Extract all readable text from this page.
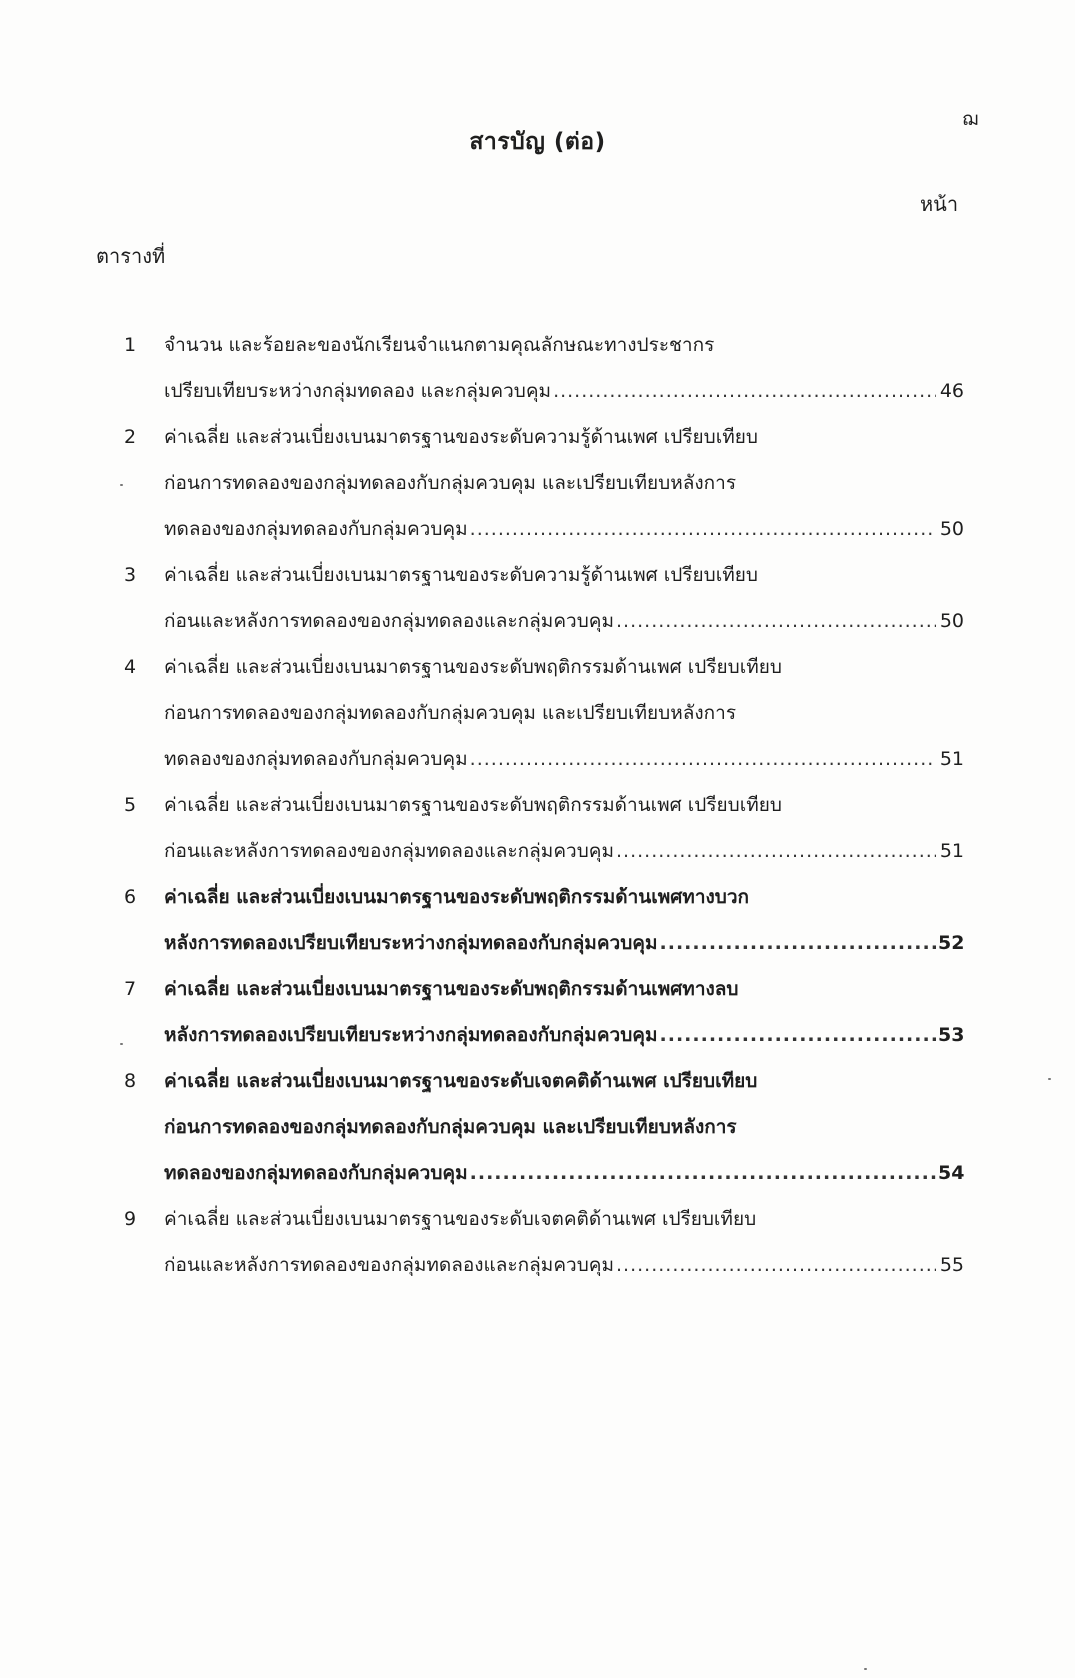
ฌ
สารบัญ (ต่อ)
หน้า
ตารางที่
1	จำนวน และร้อยละของนักเรียนจำแนกตามคุณลักษณะทางประชากร
เปรียบเทียบระหว่างกลุ่มทดลอง และกลุ่มควบคุม .....	46
2	ค่าเฉลี่ย และส่วนเบี่ยงเบนมาตรฐานของระดับความรู้ด้านเพศ เปรียบเทียบ
ก่อนการทดลองของกลุ่มทดลองกับกลุ่มควบคุม และเปรียบเทียบหลังการ
ทดลองของกลุ่มทดลองกับกลุ่มควบคุม .....	50
3	ค่าเฉลี่ย และส่วนเบี่ยงเบนมาตรฐานของระดับความรู้ด้านเพศ เปรียบเทียบ
ก่อนและหลังการทดลองของกลุ่มทดลองและกลุ่มควบคุม .....	50
4	ค่าเฉลี่ย และส่วนเบี่ยงเบนมาตรฐานของระดับพฤติกรรมด้านเพศ เปรียบเทียบ
ก่อนการทดลองของกลุ่มทดลองกับกลุ่มควบคุม และเปรียบเทียบหลังการ
ทดลองของกลุ่มทดลองกับกลุ่มควบคุม .....	51
5	ค่าเฉลี่ย และส่วนเบี่ยงเบนมาตรฐานของระดับพฤติกรรมด้านเพศ เปรียบเทียบ
ก่อนและหลังการทดลองของกลุ่มทดลองและกลุ่มควบคุม .....	51
6	ค่าเฉลี่ย และส่วนเบี่ยงเบนมาตรฐานของระดับพฤติกรรมด้านเพศทางบวก
หลังการทดลองเปรียบเทียบระหว่างกลุ่มทดลองกับกลุ่มควบคุม .....	52
7	ค่าเฉลี่ย และส่วนเบี่ยงเบนมาตรฐานของระดับพฤติกรรมด้านเพศทางลบ
หลังการทดลองเปรียบเทียบระหว่างกลุ่มทดลองกับกลุ่มควบคุม .....	53
8	ค่าเฉลี่ย และส่วนเบี่ยงเบนมาตรฐานของระดับเจตคติด้านเพศ เปรียบเทียบ
ก่อนการทดลองของกลุ่มทดลองกับกลุ่มควบคุม และเปรียบเทียบหลังการ
ทดลองของกลุ่มทดลองกับกลุ่มควบคุม .....	54
9	ค่าเฉลี่ย และส่วนเบี่ยงเบนมาตรฐานของระดับเจตคติด้านเพศ เปรียบเทียบ
ก่อนและหลังการทดลองของกลุ่มทดลองและกลุ่มควบคุม .....	55
